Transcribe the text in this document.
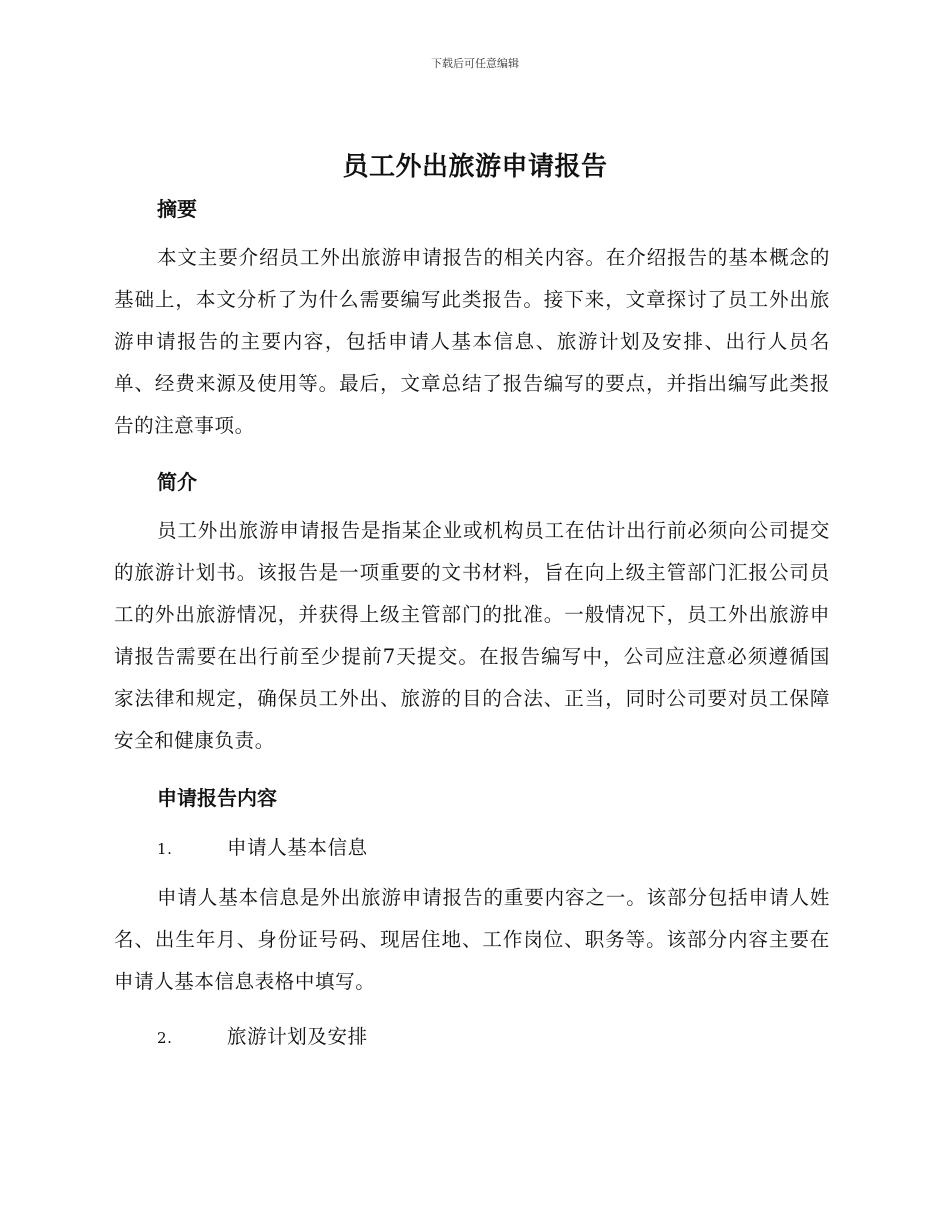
下载后可任意编辑
员工外出旅游申请报告
摘要

本文主要介绍员工外出旅游申请报告的相关内容。在介绍报告的基本概念的基础上，本文分析了为什么需要编写此类报告。接下来，文章探讨了员工外出旅游申请报告的主要内容，包括申请人基本信息、旅游计划及安排、出行人员名单、经费来源及使用等。最后，文章总结了报告编写的要点，并指出编写此类报告的注意事项。

简介

员工外出旅游申请报告是指某企业或机构员工在估计出行前必须向公司提交的旅游计划书。该报告是一项重要的文书材料，旨在向上级主管部门汇报公司员工的外出旅游情况，并获得上级主管部门的批准。一般情况下，员工外出旅游申请报告需要在出行前至少提前7天提交。在报告编写中，公司应注意必须遵循国家法律和规定，确保员工外出、旅游的目的合法、正当，同时公司要对员工保障安全和健康负责。

申请报告内容
1.	申请人基本信息

申请人基本信息是外出旅游申请报告的重要内容之一。该部分包括申请人姓名、出生年月、身份证号码、现居住地、工作岗位、职务等。该部分内容主要在申请人基本信息表格中填写。

2.	旅游计划及安排
